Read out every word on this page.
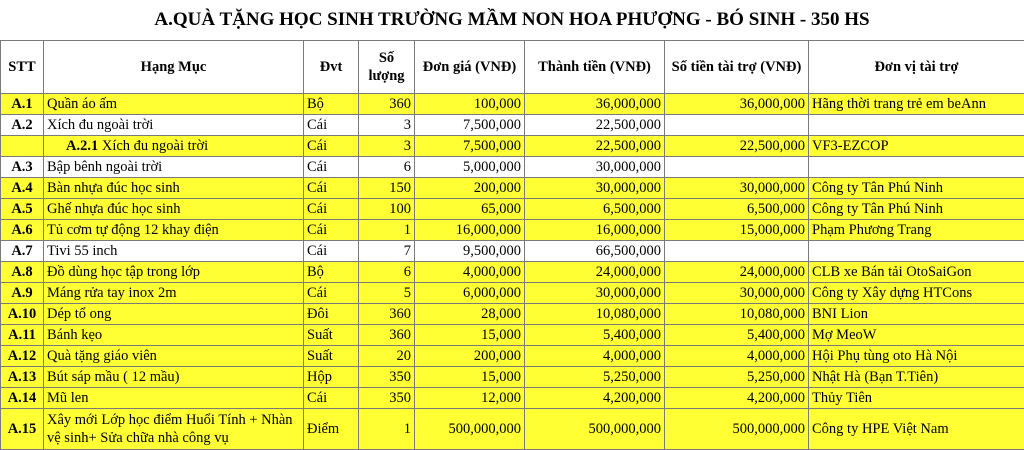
A.QUÀ TẶNG HỌC SINH TRƯỜNG MẦM NON HOA PHƯỢNG - BÓ SINH - 350 HS
STT	Hạng Mục	Đvt	Số lượng	Đơn giá (VNĐ)	Thành tiền (VNĐ)	Số tiền tài trợ (VNĐ)	Đơn vị tài trợ
A.1	Quần áo ấm	Bộ	360	100,000	36,000,000	36,000,000	Hãng thời trang trẻ em beAnn
A.2	Xích đu ngoài trời	Cái	3	7,500,000	22,500,000		
	A.2.1 Xích đu ngoài trời	Cái	3	7,500,000	22,500,000	22,500,000	VF3-EZCOP
A.3	Bập bênh ngoài trời	Cái	6	5,000,000	30,000,000		
A.4	Bàn nhựa đúc học sinh	Cái	150	200,000	30,000,000	30,000,000	Công ty Tân Phú Ninh
A.5	Ghế nhựa đúc học sinh	Cái	100	65,000	6,500,000	6,500,000	Công ty Tân Phú Ninh
A.6	Tủ cơm tự động 12 khay điện	Cái	1	16,000,000	16,000,000	15,000,000	Phạm Phương Trang
A.7	Tivi 55 inch	Cái	7	9,500,000	66,500,000		
A.8	Đồ dùng học tập trong lớp	Bộ	6	4,000,000	24,000,000	24,000,000	CLB xe Bán tải OtoSaiGon
A.9	Máng rửa tay inox 2m	Cái	5	6,000,000	30,000,000	30,000,000	Công ty Xây dựng HTCons
A.10	Dép tổ ong	Đôi	360	28,000	10,080,000	10,080,000	BNI Lion
A.11	Bánh kẹo	Suất	360	15,000	5,400,000	5,400,000	Mợ MeoW
A.12	Quà tặng giáo viên	Suất	20	200,000	4,000,000	4,000,000	Hội Phụ tùng oto Hà Nội
A.13	Bút sáp mầu ( 12 mầu)	Hộp	350	15,000	5,250,000	5,250,000	Nhật Hà (Bạn T.Tiên)
A.14	Mũ len	Cái	350	12,000	4,200,000	4,200,000	Thủy Tiên
A.15	Xây mới Lớp học điểm Huổi Tính + Nhàn vệ sinh+ Sửa chữa nhà công vụ	Điểm	1	500,000,000	500,000,000	500,000,000	Công ty HPE Việt Nam
